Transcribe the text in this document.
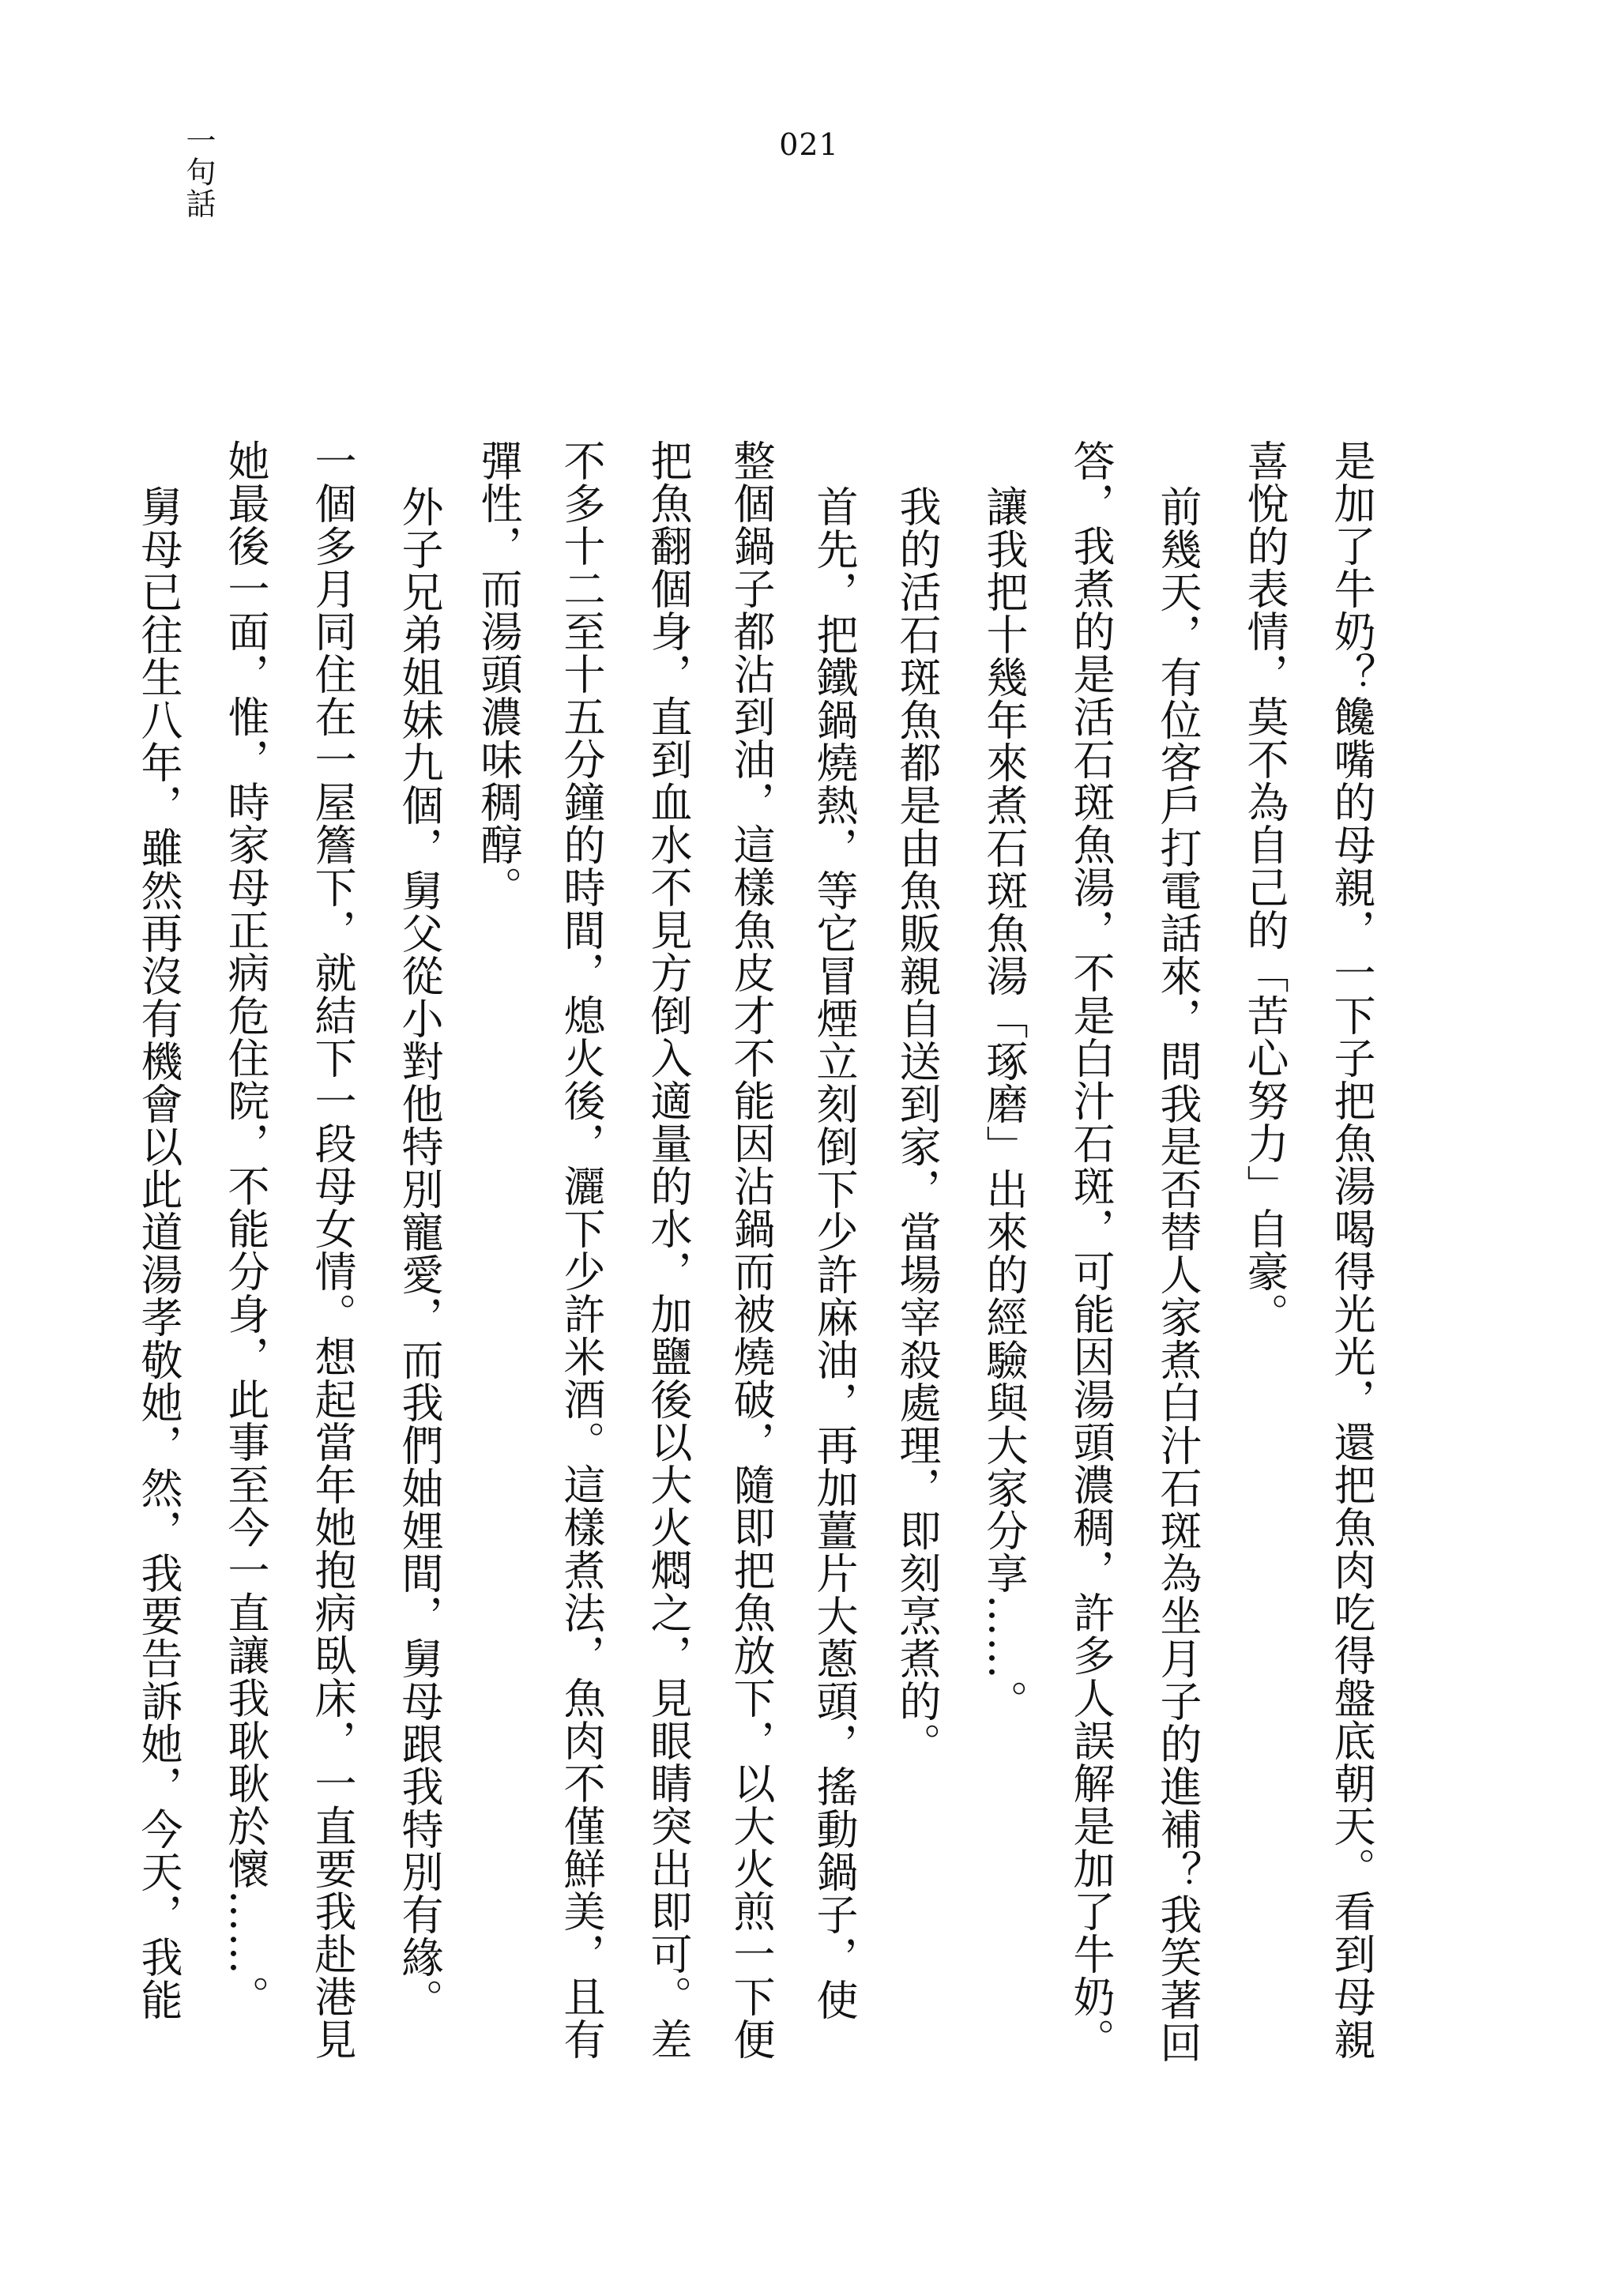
021
一句話
是加了牛奶？饞嘴的母親，一下子把魚湯喝得光光，還把魚肉吃得盤底朝天。看到母親
喜悅的表情，莫不為自己的「苦心努力」自豪。
前幾天，有位客戶打電話來，問我是否替人家煮白汁石斑為坐月子的進補？我笑著回
答，我煮的是活石斑魚湯，不是白汁石斑，可能因湯頭濃稠，許多人誤解是加了牛奶。
讓我把十幾年來煮石斑魚湯「琢磨」出來的經驗與大家分享……。
我的活石斑魚都是由魚販親自送到家，當場宰殺處理，即刻烹煮的。
首先，把鐵鍋燒熱，等它冒煙立刻倒下少許麻油，再加薑片大蔥頭，搖動鍋子，使
整個鍋子都沾到油，這樣魚皮才不能因沾鍋而被燒破，隨即把魚放下，以大火煎一下便
把魚翻個身，直到血水不見方倒入適量的水，加鹽後以大火燜之，見眼睛突出即可。差
不多十二至十五分鐘的時間，熄火後，灑下少許米酒。這樣煮法，魚肉不僅鮮美，且有
彈性，而湯頭濃味稠醇。
外子兄弟姐妹九個，舅父從小對他特別寵愛，而我們妯娌間，舅母跟我特別有緣。
一個多月同住在一屋簷下，就結下一段母女情。想起當年她抱病臥床，一直要我赴港見
她最後一面，惟，時家母正病危住院，不能分身，此事至今一直讓我耿耿於懷……。
舅母已往生八年，雖然再沒有機會以此道湯孝敬她，然，我要告訴她，今天，我能
